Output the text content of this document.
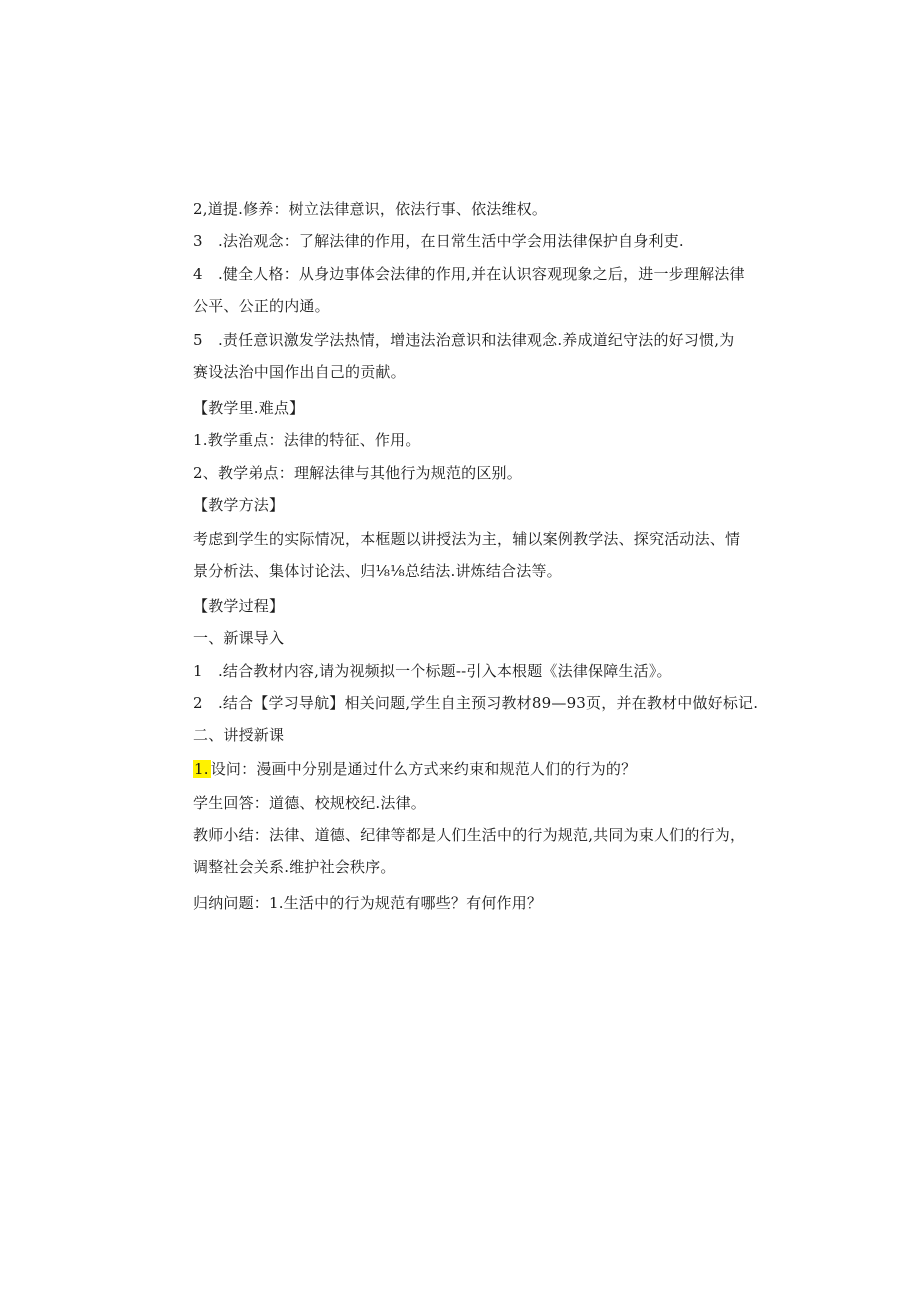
2,道提.修养：树立法律意识，依法行事、依法维权。
3　.法治观念：了解法律的作用，在日常生活中学会用法律保护自身利吏.
4　.健全人格：从身边事体会法律的作用,并在认识容观现象之后，进一步理解法律
公平、公正的内通。
5　.责任意识激发学法热情，增违法治意识和法律观念.养成道纪守法的好习惯,为
赛设法治中国作出自己的贡献。
【教学里.难点】
1.教学重点：法律的特征、作用。
2、教学弟点：理解法律与其他行为规范的区别。
【教学方法】
考虑到学生的实际情况，本框题以讲授法为主，辅以案例教学法、探究活动法、情
景分析法、集体讨论法、归⅛⅛总结法.讲炼结合法等。
【教学过程】
一、新课导入
1　.结合教材内容,请为视频拟一个标题--引入本根题《法律保障生活》。
2　.结合【学习导航】相关问题,学生自主预习教材89—93页，并在教材中做好标记.
二、讲授新课
1. 设问：漫画中分别是通过什么方式来约束和规范人们的行为的？
学生回答：道德、校规校纪.法律。
教师小结：法律、道德、纪律等都是人们生活中的行为规范,共同为束人们的行为，
调整社会关系.维护社会秩序。
归纳问题：1.生活中的行为规范有哪些？有何作用？
